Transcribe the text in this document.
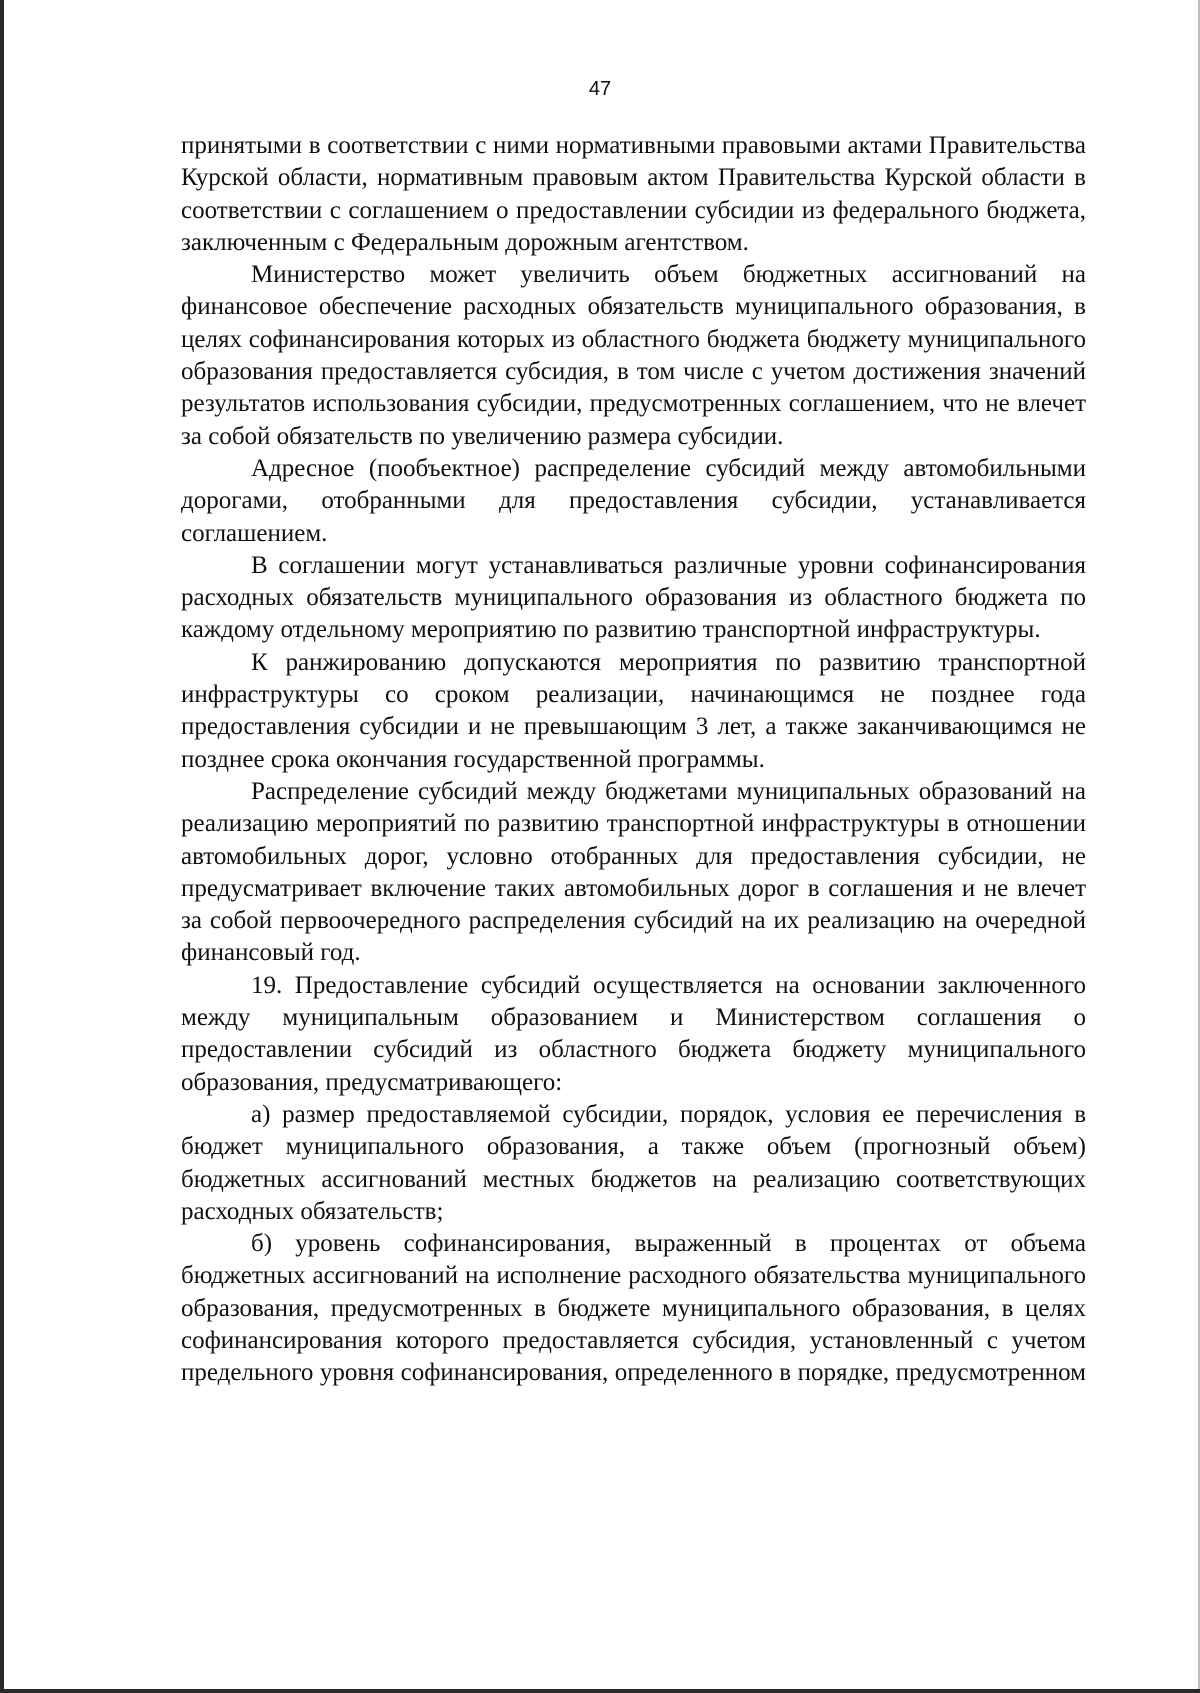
47

принятыми в соответствии с ними нормативными правовыми актами Правительства Курской области, нормативным правовым актом Правительства Курской области в соответствии с соглашением о предоставлении субсидии из федерального бюджета, заключенным с Федеральным дорожным агентством.

Министерство может увеличить объем бюджетных ассигнований на финансовое обеспечение расходных обязательств муниципального образования, в целях софинансирования которых из областного бюджета бюджету муниципального образования предоставляется субсидия, в том числе с учетом достижения значений результатов использования субсидии, предусмотренных соглашением, что не влечет за собой обязательств по увеличению размера субсидии.

Адресное (пообъектное) распределение субсидий между автомобильными дорогами, отобранными для предоставления субсидии, устанавливается соглашением.

В соглашении могут устанавливаться различные уровни софинансирования расходных обязательств муниципального образования из областного бюджета по каждому отдельному мероприятию по развитию транспортной инфраструктуры.

К ранжированию допускаются мероприятия по развитию транспортной инфраструктуры со сроком реализации, начинающимся не позднее года предоставления субсидии и не превышающим 3 лет, а также заканчивающимся не позднее срока окончания государственной программы.

Распределение субсидий между бюджетами муниципальных образований на реализацию мероприятий по развитию транспортной инфраструктуры в отношении автомобильных дорог, условно отобранных для предоставления субсидии, не предусматривает включение таких автомобильных дорог в соглашения и не влечет за собой первоочередного распределения субсидий на их реализацию на очередной финансовый год.

19. Предоставление субсидий осуществляется на основании заключенного между муниципальным образованием и Министерством соглашения о предоставлении субсидий из областного бюджета бюджету муниципального образования, предусматривающего:

а) размер предоставляемой субсидии, порядок, условия ее перечисления в бюджет муниципального образования, а также объем (прогнозный объем) бюджетных ассигнований местных бюджетов на реализацию соответствующих расходных обязательств;

б) уровень софинансирования, выраженный в процентах от объема бюджетных ассигнований на исполнение расходного обязательства муниципального образования, предусмотренных в бюджете муниципального образования, в целях софинансирования которого предоставляется субсидия, установленный с учетом предельного уровня софинансирования, определенного в порядке, предусмотренном
